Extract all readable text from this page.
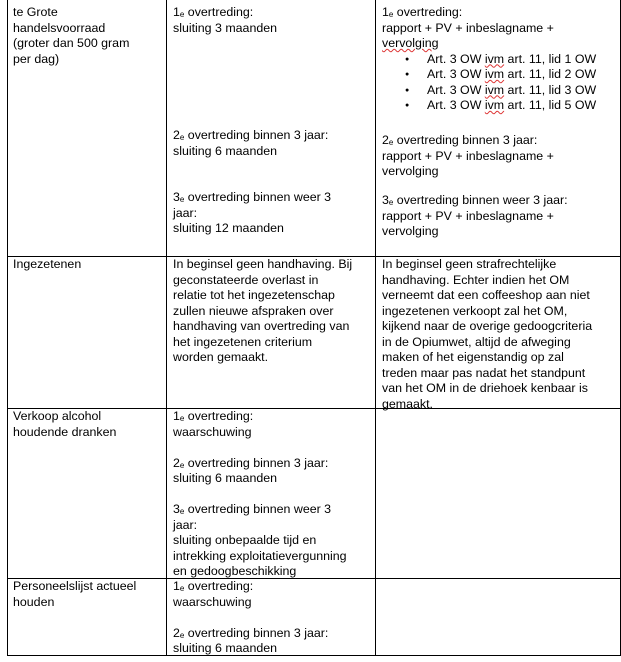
te Grote
handelsvoorraad
(groter dan 500 gram
per dag)
$1_e$ overtreding:
sluiting 3 maanden
$2_e$ overtreding binnen 3 jaar:
sluiting 6 maanden
$3_e$ overtreding binnen weer 3
jaar:
sluiting 12 maanden
$1_e$ overtreding:
rapport + PV + inbeslagname +
vervolging
● Art. 3 OW ivm art. 11, lid 1 OW
● Art. 3 OW ivm art. 11, lid 2 OW
● Art. 3 OW ivm art. 11, lid 3 OW
● Art. 3 OW ivm art. 11, lid 5 OW
$2_e$ overtreding binnen 3 jaar:
rapport + PV + inbeslagname +
vervolging
$3_e$ overtreding binnen weer 3 jaar:
rapport + PV + inbeslagname +
vervolging
Ingezetenen	In beginsel geen handhaving. Bij
geconstateerde overlast in
relatie tot het ingezetenschap
zullen nieuwe afspraken over
handhaving van overtreding van
het ingezetenen criterium
worden gemaakt.
In beginsel geen strafrechtelijke
handhaving. Echter indien het OM
verneemt dat een coffeeshop aan niet
ingezetenen verkoopt zal het OM,
kijkend naar de overige gedoogcriteria
in de Opiumwet, altijd de afweging
maken of het eigenstandig op zal
treden maar pas nadat het standpunt
van het OM in de driehoek kenbaar is
gemaakt.
Verkoop alcohol
houdende dranken
$1_e$ overtreding:
waarschuwing
$2_e$ overtreding binnen 3 jaar:
sluiting 6 maanden
$3_e$ overtreding binnen weer 3
jaar:
sluiting onbepaalde tijd en
intrekking exploitatievergunning
en gedoogbeschikking
Personeelslijst actueel
houden
$1_e$ overtreding:
waarschuwing
$2_e$ overtreding binnen 3 jaar:
sluiting 6 maanden
